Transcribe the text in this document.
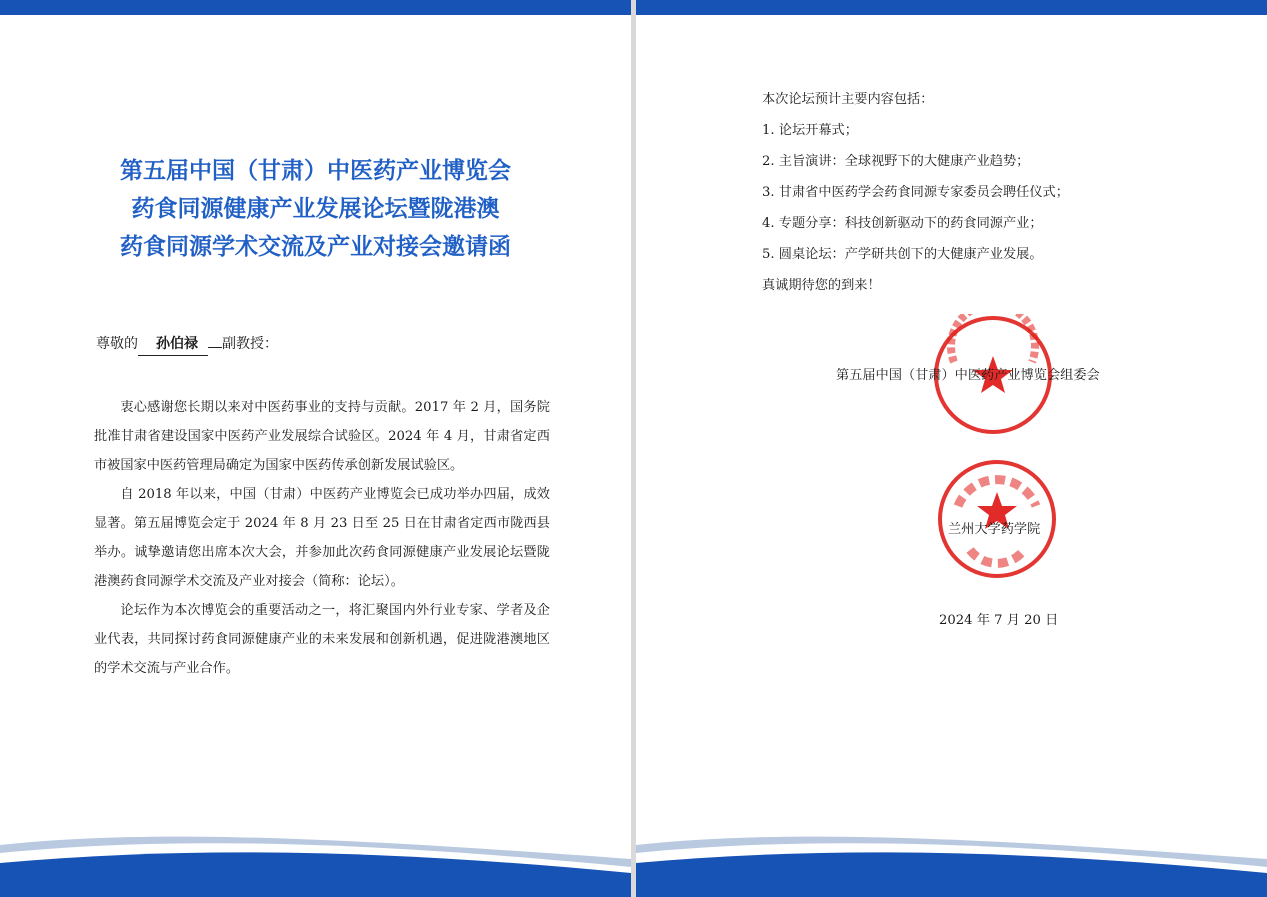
第五届中国（甘肃）中医药产业博览会
药食同源健康产业发展论坛暨陇港澳
药食同源学术交流及产业对接会邀请函
尊敬的 孙伯禄 副教授：

衷心感谢您长期以来对中医药事业的支持与贡献。2017 年 2 月，国务院批准甘肃省建设国家中医药产业发展综合试验区。2024 年 4 月，甘肃省定西市被国家中医药管理局确定为国家中医药传承创新发展试验区。

自 2018 年以来，中国（甘肃）中医药产业博览会已成功举办四届，成效显著。第五届博览会定于 2024 年 8 月 23 日至 25 日在甘肃省定西市陇西县举办。诚挚邀请您出席本次大会，并参加此次药食同源健康产业发展论坛暨陇港澳药食同源学术交流及产业对接会（简称：论坛）。

论坛作为本次博览会的重要活动之一，将汇聚国内外行业专家、学者及企业代表，共同探讨药食同源健康产业的未来发展和创新机遇，促进陇港澳地区的学术交流与产业合作。

本次论坛预计主要内容包括：

1. 论坛开幕式；

2. 主旨演讲：全球视野下的大健康产业趋势；

3. 甘肃省中医药学会药食同源专家委员会聘任仪式；

4. 专题分享：科技创新驱动下的药食同源产业；

5. 圆桌论坛：产学研共创下的大健康产业发展。

真诚期待您的到来！

第五届中国（甘肃）中医药产业博览会组委会
兰州大学药学院
2024 年 7 月 20 日
